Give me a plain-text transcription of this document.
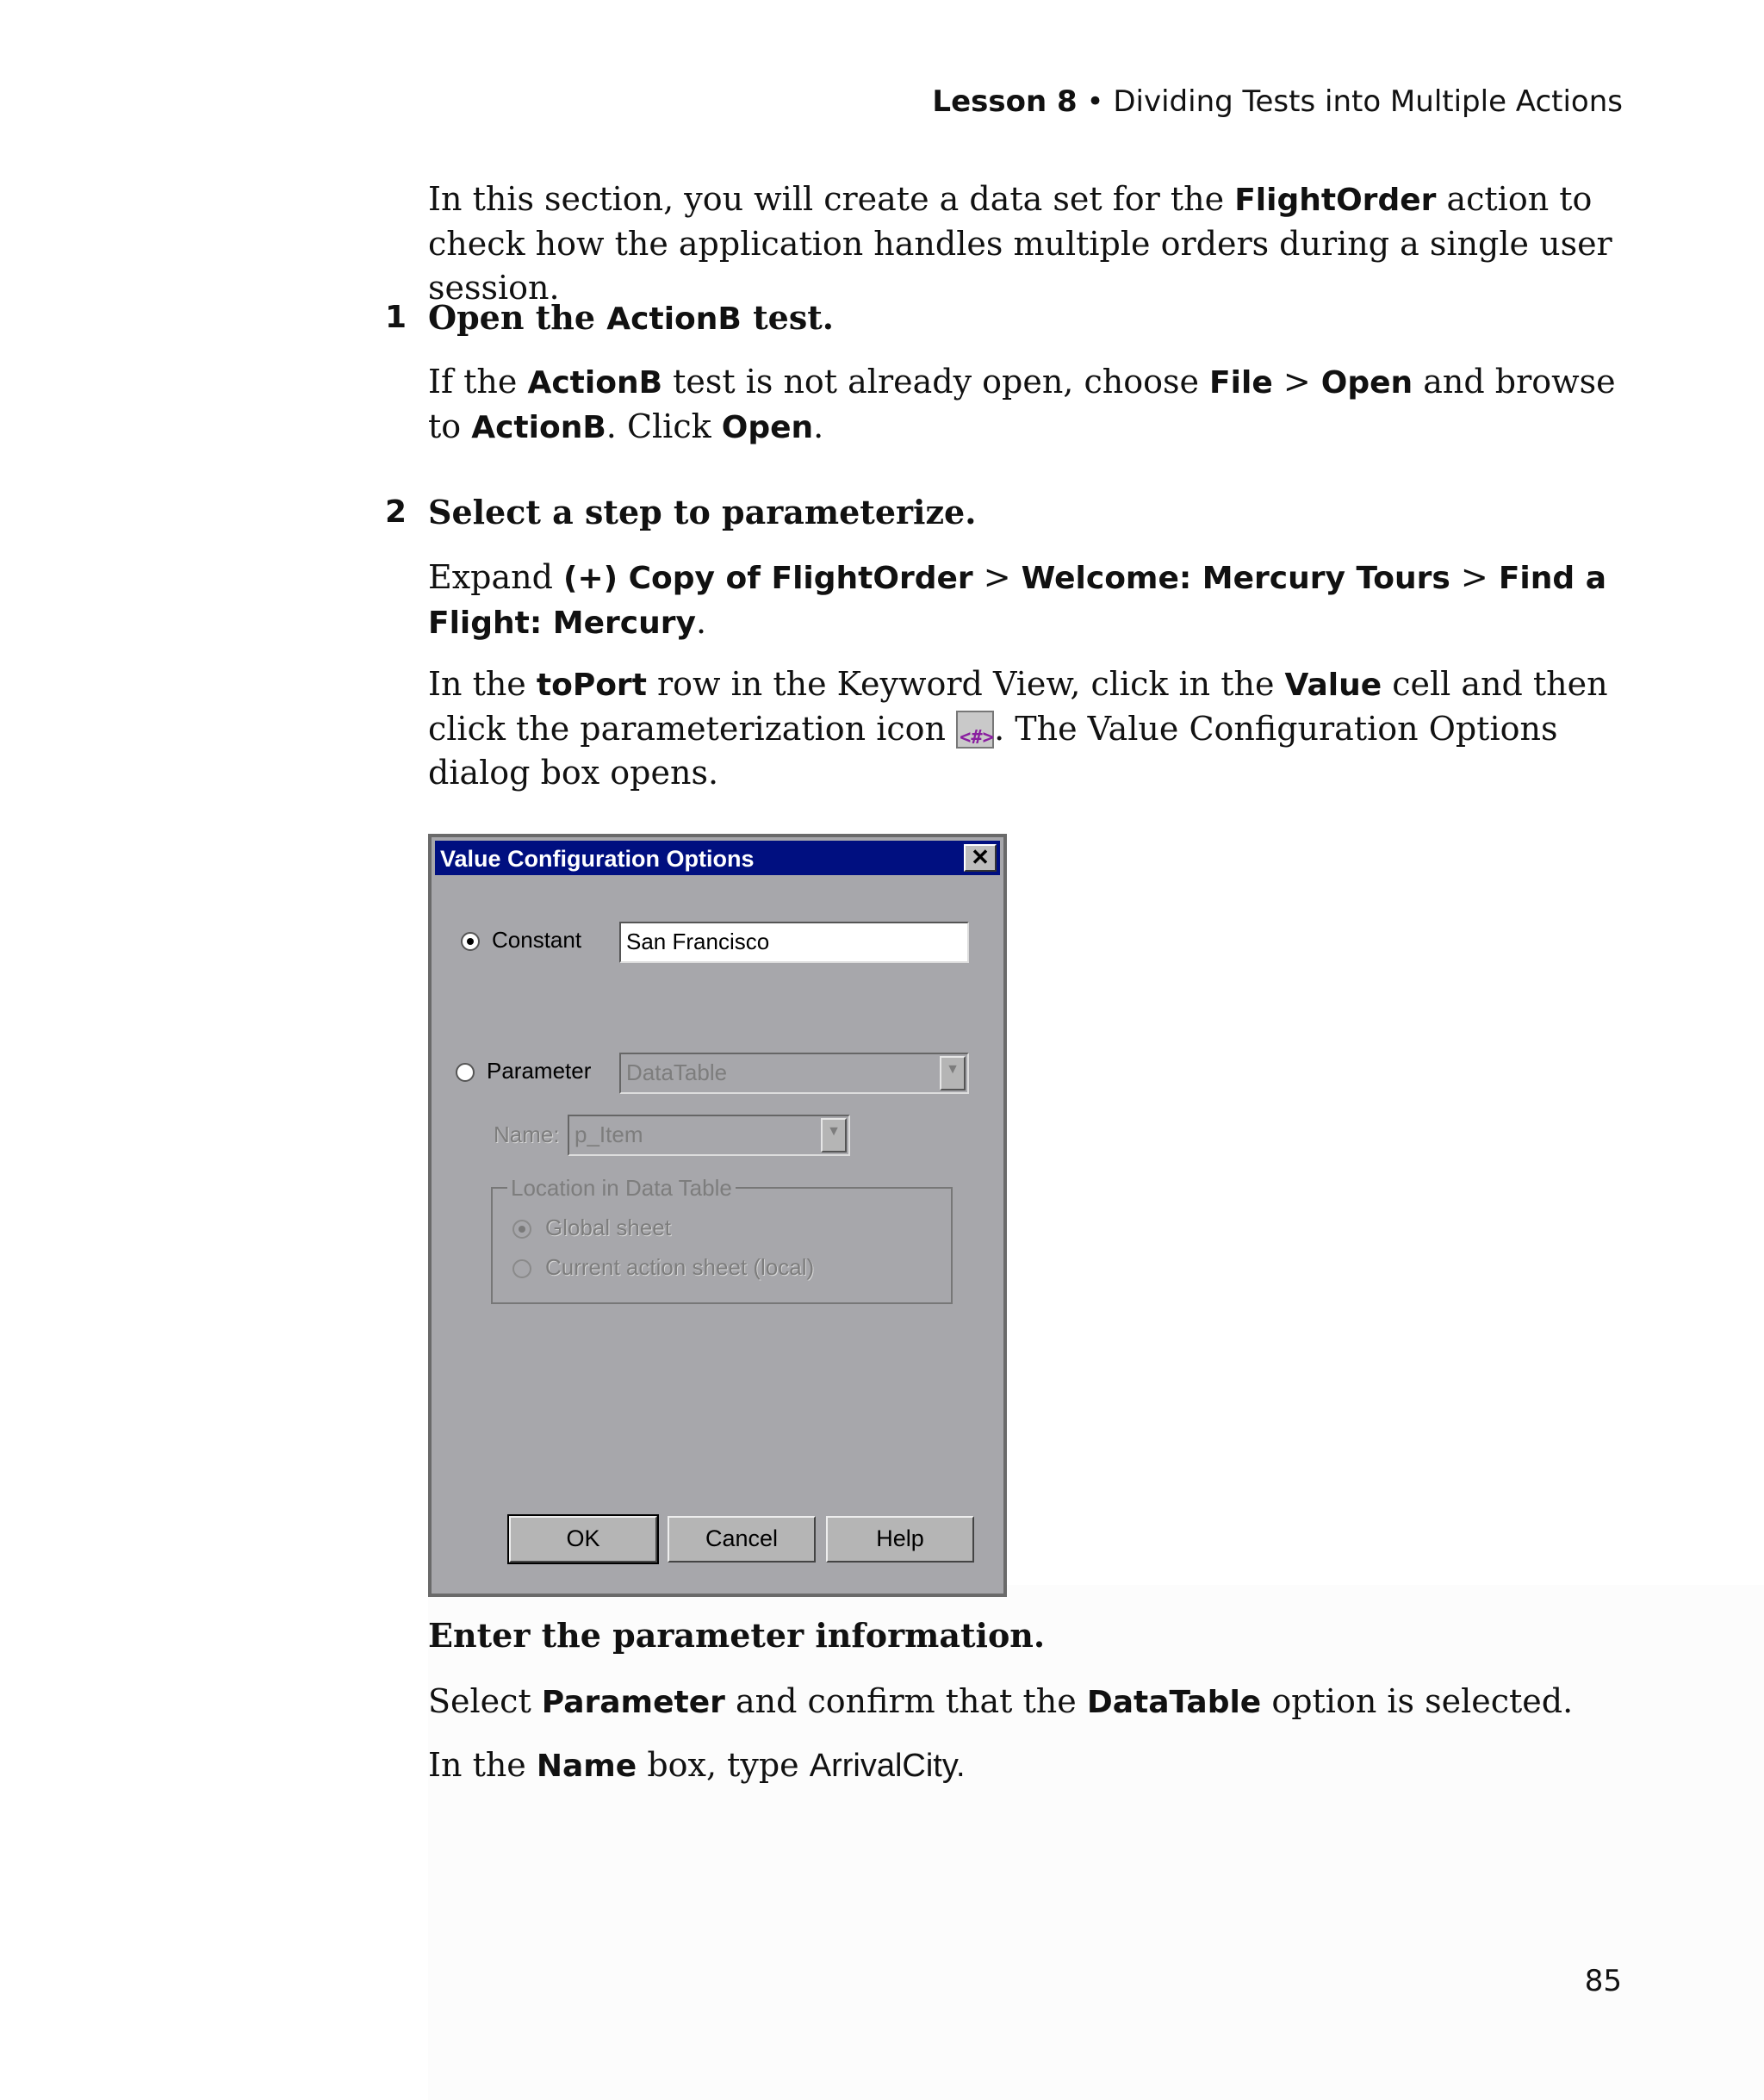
Lesson 8 • Dividing Tests into Multiple Actions
In this section, you will create a data set for the FlightOrder action to check how the application handles multiple orders during a single user session.
1 Open the ActionB test.
If the ActionB test is not already open, choose File > Open and browse to ActionB. Click Open.
2 Select a step to parameterize.
Expand (+) Copy of FlightOrder > Welcome: Mercury Tours > Find a Flight: Mercury.
In the toPort row in the Keyword View, click in the Value cell and then click the parameterization icon <#> . The Value Configuration Options dialog box opens.
Value Configuration Options	✕
Constant	San Francisco
Parameter	DataTable	▼
Name: p_Item	▼
Location in Data Table
Global sheet
Current action sheet (local)
OK	Cancel	Help
Enter the parameter information.
Select Parameter and confirm that the DataTable option is selected.
In the Name box, type ArrivalCity.
85
